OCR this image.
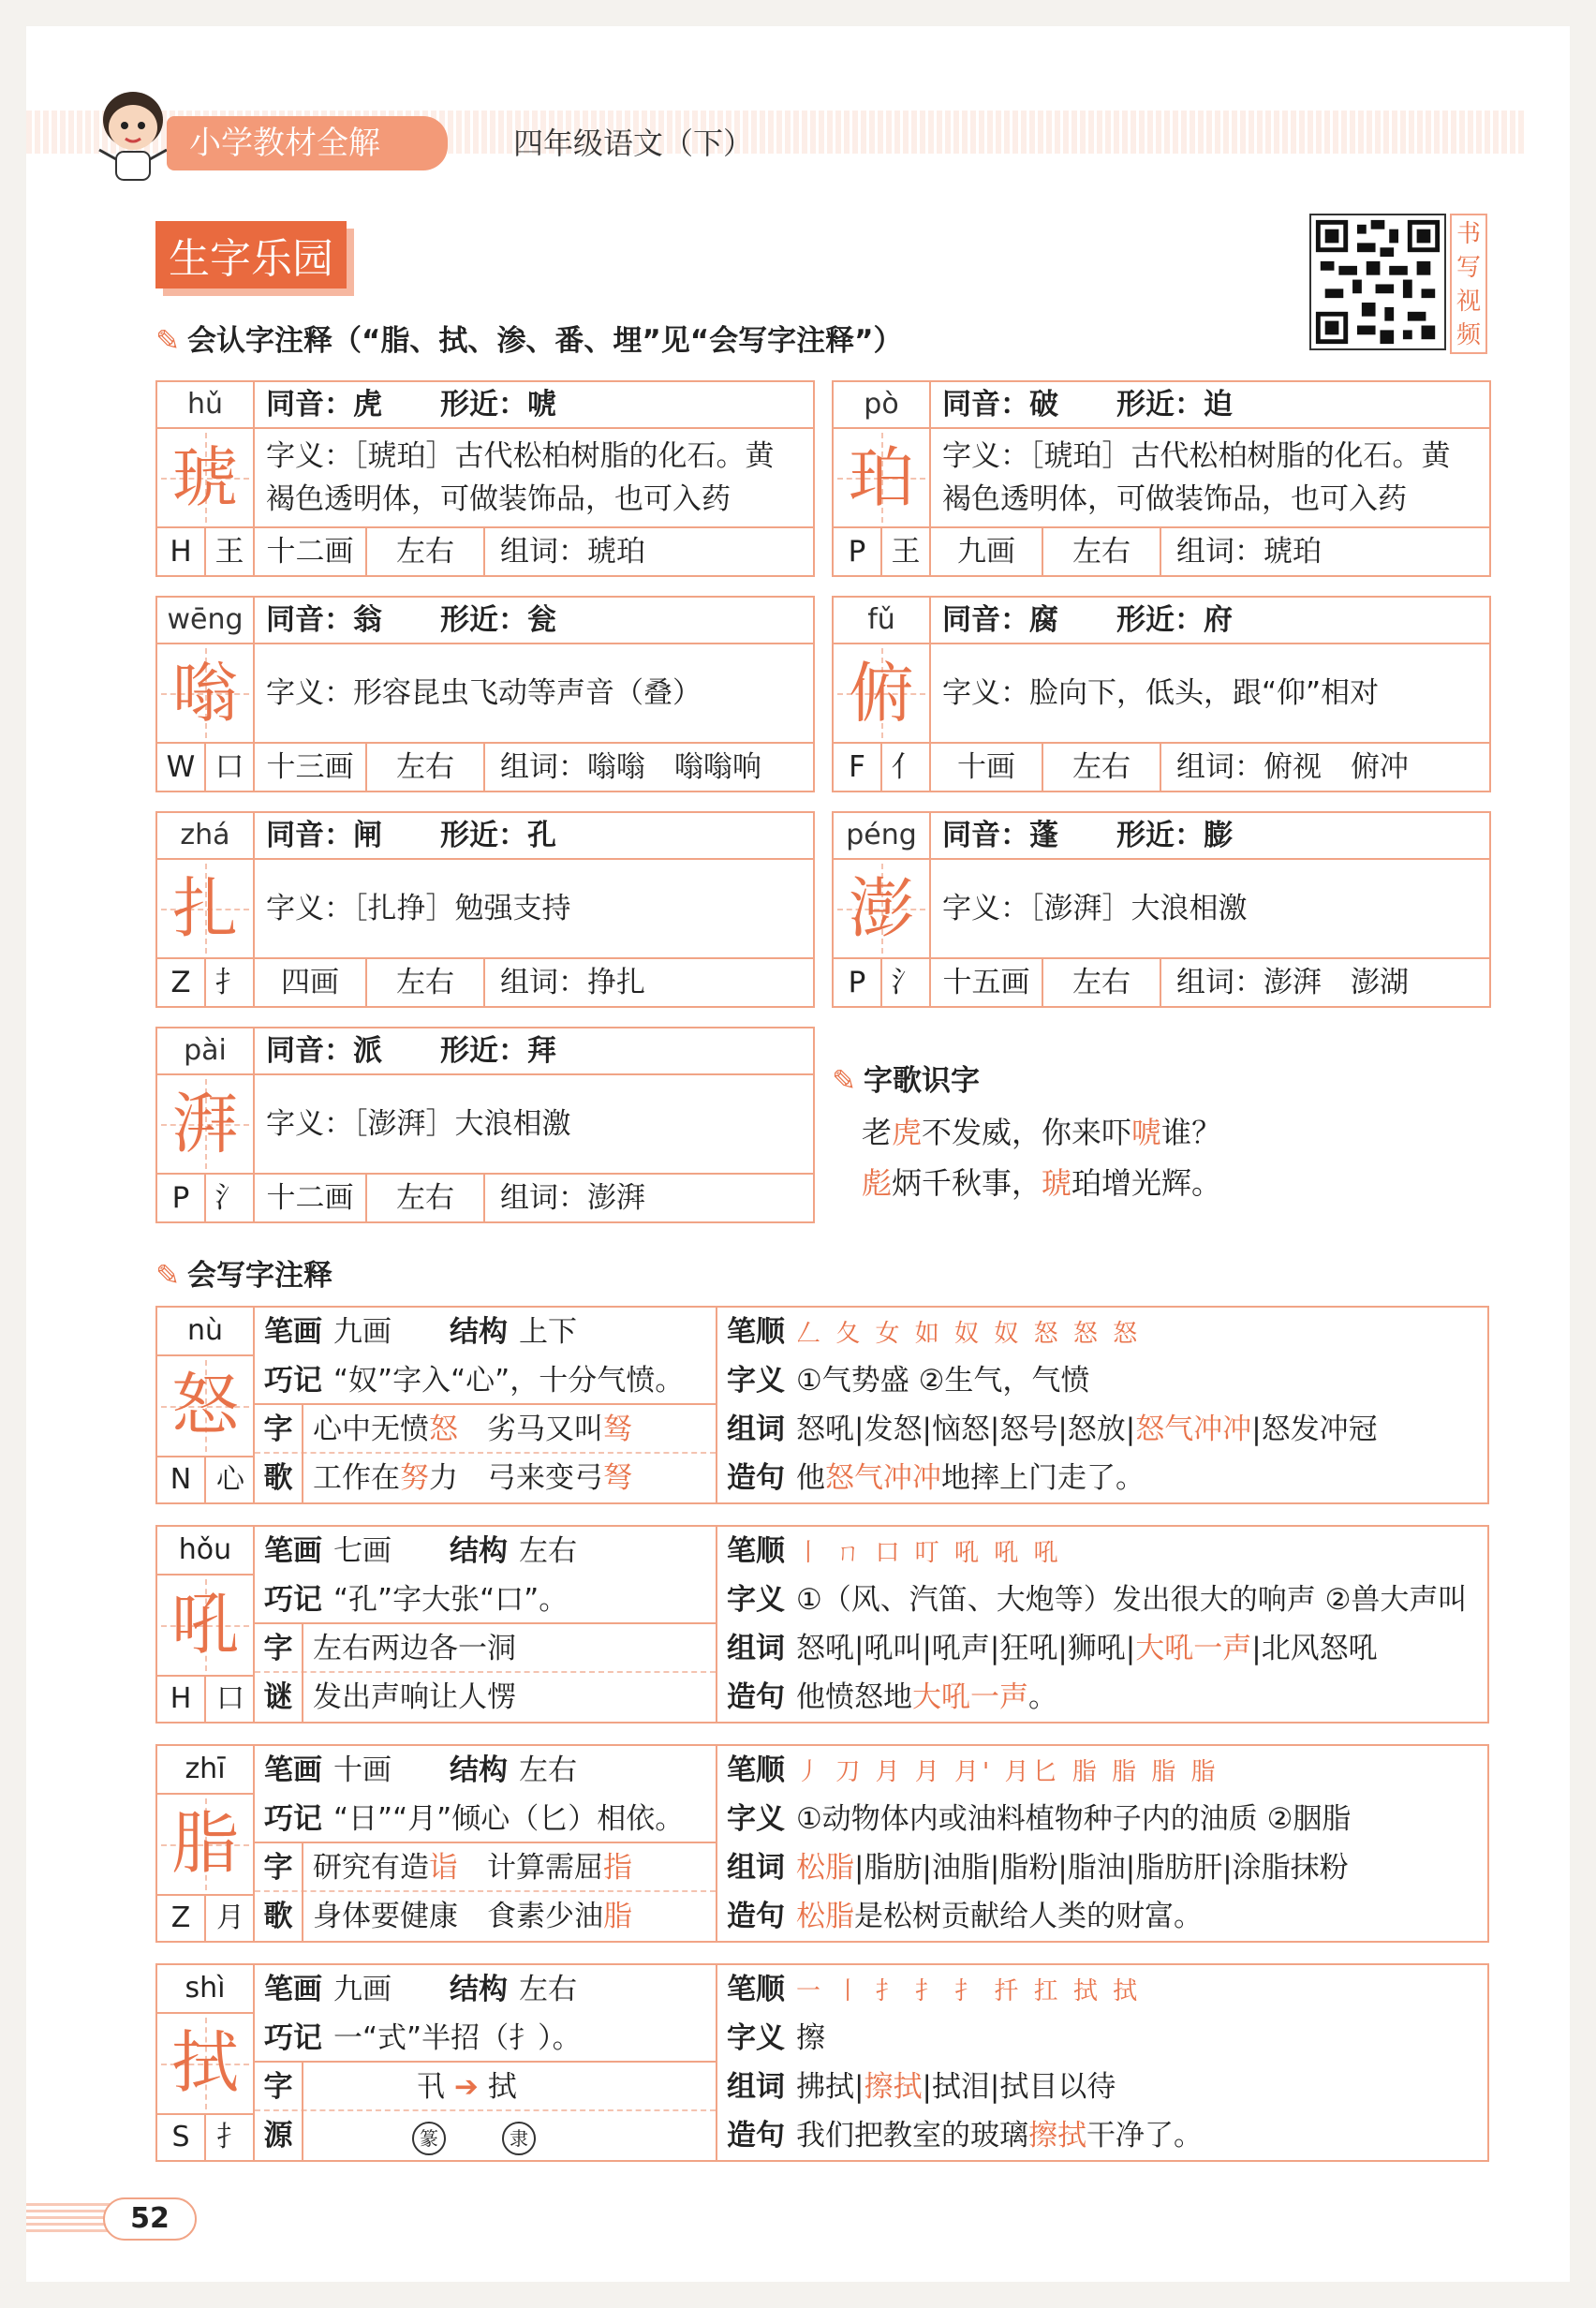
小学教材全解	四年级语文（下）
生字乐园
书写视频
✎ 会认字注释（“脂、拭、渗、番、埋”见“会写字注释”）
hǔ	同音：虎　　 形近：唬
琥 字义：［琥珀］古代松柏树脂的化石。黄褐色透明体，可做装饰品，也可入药
H 王 十二画	左右	组词：琥珀
pò	同音：破　　 形近：迫
珀 字义：［琥珀］古代松柏树脂的化石。黄褐色透明体，可做装饰品，也可入药
P 王	九画	左右	组词：琥珀
wēng 同音：翁　　 形近：瓮
嗡 字义：形容昆虫飞动等声音（叠）
W 口 十三画	左右	组词：嗡嗡　嗡嗡响
fǔ	同音：腐　　 形近：府
俯 字义：脸向下，低头，跟“仰”相对
F 亻	十画	左右	组词：俯视　俯冲
zhá	同音：闸　　 形近：孔
扎 字义：［扎挣］勉强支持
Z 扌	四画	左右	组词：挣扎
péng 同音：蓬　　 形近：膨
澎 字义：［澎湃］大浪相激
P 氵 十五画	左右	组词：澎湃　澎湖
pài	同音：派　　 形近：拜
湃 字义：［澎湃］大浪相激
P 氵 十二画	左右	组词：澎湃
✎ 字歌识字
老虎不发威，你来吓唬谁？
彪炳千秋事，琥珀增光辉。
✎ 会写字注释
nù
怒
N 心
笔画 九画　　 结构 上下
巧记 “奴”字入“心”，十分气愤。
字 心中无愤怒　劣马又叫驽
歌 工作在努力　弓来变弓弩
笔顺 𠃋 夂 女 如 奴 奴 怒 怒 怒
字义 ①气势盛 ②生气，气愤
组词 怒吼|发怒|恼怒|怒号|怒放|怒气冲冲|怒发冲冠
造句 他怒气冲冲地摔上门走了。
hǒu
吼
H 口
笔画 七画　　 结构 左右
巧记 “孔”字大张“口”。
字 左右两边各一洞
谜 发出声响让人愣
笔顺 丨 ㄇ 口 叮 吼 吼 吼
字义 ①（风、汽笛、大炮等）发出很大的响声 ②兽大声叫
组词 怒吼|吼叫|吼声|狂吼|狮吼|大吼一声|北风怒吼
造句 他愤怒地大吼一声。
zhī
脂
Z 月
笔画 十画　　 结构 左右
巧记 “日”“月”倾心（匕）相依。
字 研究有造诣　计算需屈指
歌 身体要健康　食素少油脂
笔顺 丿 刀 月 月 月' 月匕 脂 脂 脂 脂
字义 ①动物体内或油料植物种子内的油质 ②胭脂
组词 松脂|脂肪|油脂|脂粉|脂油|脂肪肝|涂脂抹粉
造句 松脂是松树贡献给人类的财富。
shì
拭
S 扌
笔画 九画　　 结构 左右
巧记 一“式”半招（扌）。
字	卂 ➔ 拭
源	篆	隶
笔顺 一 丨 扌 扌 扌 扦 扛 拭 拭
字义 擦
组词 拂拭|擦拭|拭泪|拭目以待
造句 我们把教室的玻璃擦拭干净了。
52
